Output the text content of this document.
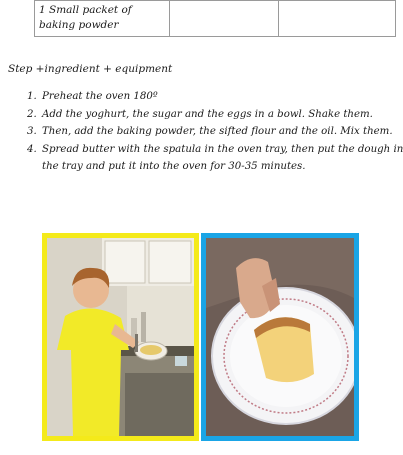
1 Small packet of baking powder		
Step +ingredient + equipment
1. Preheat the oven 180º
2. Add the yoghurt, the sugar and the eggs in a bowl. Shake them.
3. Then, add the baking powder, the sifted flour and the oil. Mix them.
4. Spread butter with the spatula in the oven tray, then put the dough in the tray and put it into the oven for 30-35 minutes.
